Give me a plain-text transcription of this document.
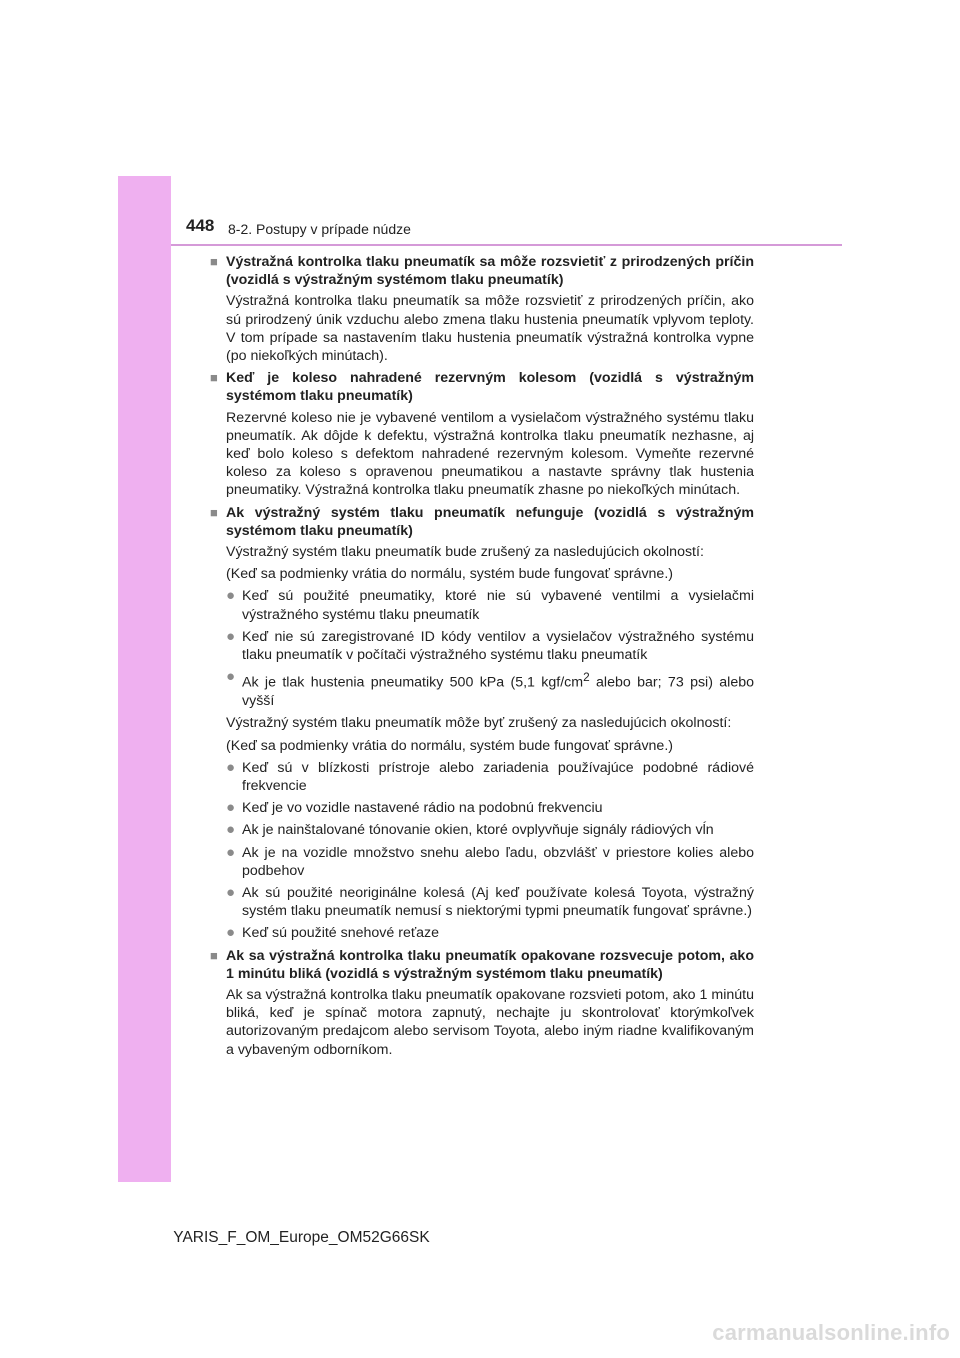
448 8-2. Postupy v prípade núdze
■ Výstražná kontrolka tlaku pneumatík sa môže rozsvietiť z prirodzených príčin (vozidlá s výstražným systémom tlaku pneumatík)
Výstražná kontrolka tlaku pneumatík sa môže rozsvietiť z prirodzených príčin, ako sú prirodzený únik vzduchu alebo zmena tlaku hustenia pneumatík vplyvom teploty. V tom prípade sa nastavením tlaku hustenia pneumatík výstražná kontrolka vypne (po niekoľkých minútach).
■ Keď je koleso nahradené rezervným kolesom (vozidlá s výstražným systémom tlaku pneumatík)
Rezervné koleso nie je vybavené ventilom a vysielačom výstražného systému tlaku pneumatík. Ak dôjde k defektu, výstražná kontrolka tlaku pneumatík nezhasne, aj keď bolo koleso s defektom nahradené rezervným kolesom. Vymeňte rezervné koleso za koleso s opravenou pneumatikou a nastavte správny tlak hustenia pneumatiky. Výstražná kontrolka tlaku pneumatík zhasne po niekoľkých minútach.
■ Ak výstražný systém tlaku pneumatík nefunguje (vozidlá s výstražným systémom tlaku pneumatík)
Výstražný systém tlaku pneumatík bude zrušený za nasledujúcich okolností:
(Keď sa podmienky vrátia do normálu, systém bude fungovať správne.)
● Keď sú použité pneumatiky, ktoré nie sú vybavené ventilmi a vysielačmi výstražného systému tlaku pneumatík
● Keď nie sú zaregistrované ID kódy ventilov a vysielačov výstražného systému tlaku pneumatík v počítači výstražného systému tlaku pneumatík
● Ak je tlak hustenia pneumatiky 500 kPa (5,1 kgf/$cm^2$ alebo bar; 73 psi) alebo vyšší
Výstražný systém tlaku pneumatík môže byť zrušený za nasledujúcich okolností:
(Keď sa podmienky vrátia do normálu, systém bude fungovať správne.)
● Keď sú v blízkosti prístroje alebo zariadenia používajúce podobné rádiové frekvencie
● Keď je vo vozidle nastavené rádio na podobnú frekvenciu
● Ak je nainštalované tónovanie okien, ktoré ovplyvňuje signály rádiových vĺn
● Ak je na vozidle množstvo snehu alebo ľadu, obzvlášť v priestore kolies alebo podbehov
● Ak sú použité neoriginálne kolesá (Aj keď používate kolesá Toyota, výstražný systém tlaku pneumatík nemusí s niektorými typmi pneumatík fungovať správne.)
● Keď sú použité snehové reťaze
■ Ak sa výstražná kontrolka tlaku pneumatík opakovane rozsvecuje potom, ako 1 minútu bliká (vozidlá s výstražným systémom tlaku pneumatík)
Ak sa výstražná kontrolka tlaku pneumatík opakovane rozsvieti potom, ako 1 minútu bliká, keď je spínač motora zapnutý, nechajte ju skontrolovať ktorýmkoľvek autorizovaným predajcom alebo servisom Toyota, alebo iným riadne kvalifikovaným a vybaveným odborníkom.
YARIS_F_OM_Europe_OM52G66SK
carmanualsonline.info
